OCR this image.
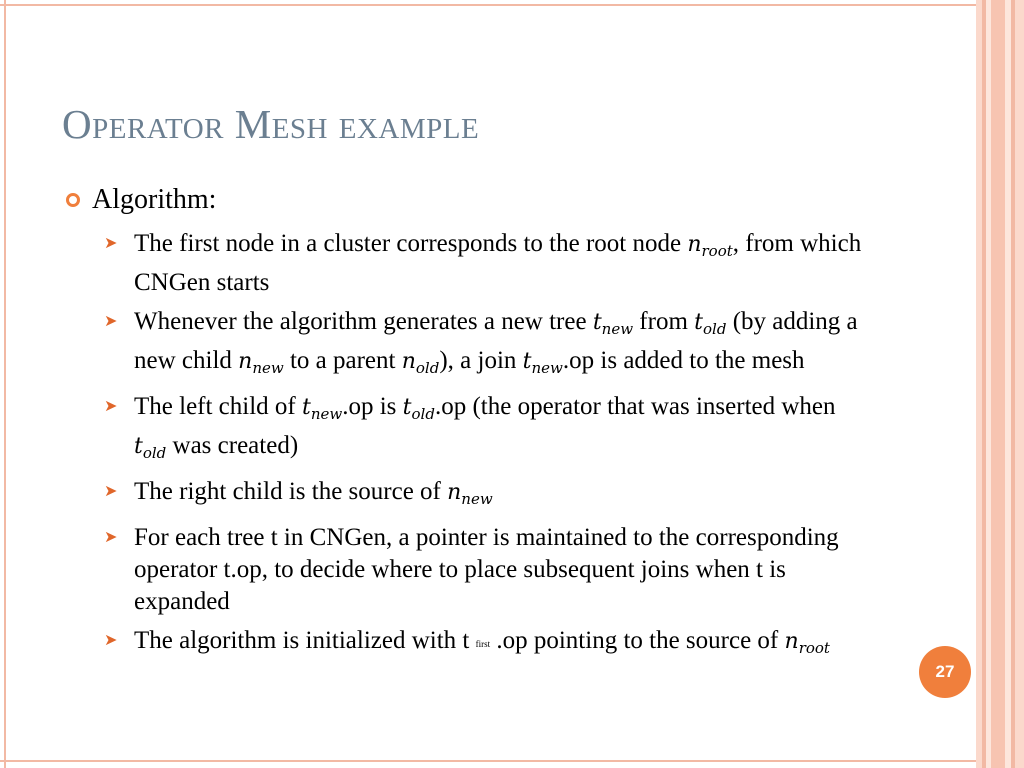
Operator Mesh example
Algorithm:
➤ The first node in a cluster corresponds to the root node $n_{root}$, from which CNGen starts
➤ Whenever the algorithm generates a new tree $t_{new}$ from $t_{old}$ (by adding a new child $n_{new}$ to a parent $n_{old}$), a join $t_{new}.op$ is added to the mesh
➤ The left child of $t_{new}.op$ is $t_{old}.op$ (the operator that was inserted when $t_{old}$ was created)
➤ The right child is the source of $n_{new}$
➤ For each tree t in CNGen, a pointer is maintained to the corresponding operator t.op, to decide where to place subsequent joins when t is expanded
➤ The algorithm is initialized with t first .op pointing to the source of $n_{root}$
27
